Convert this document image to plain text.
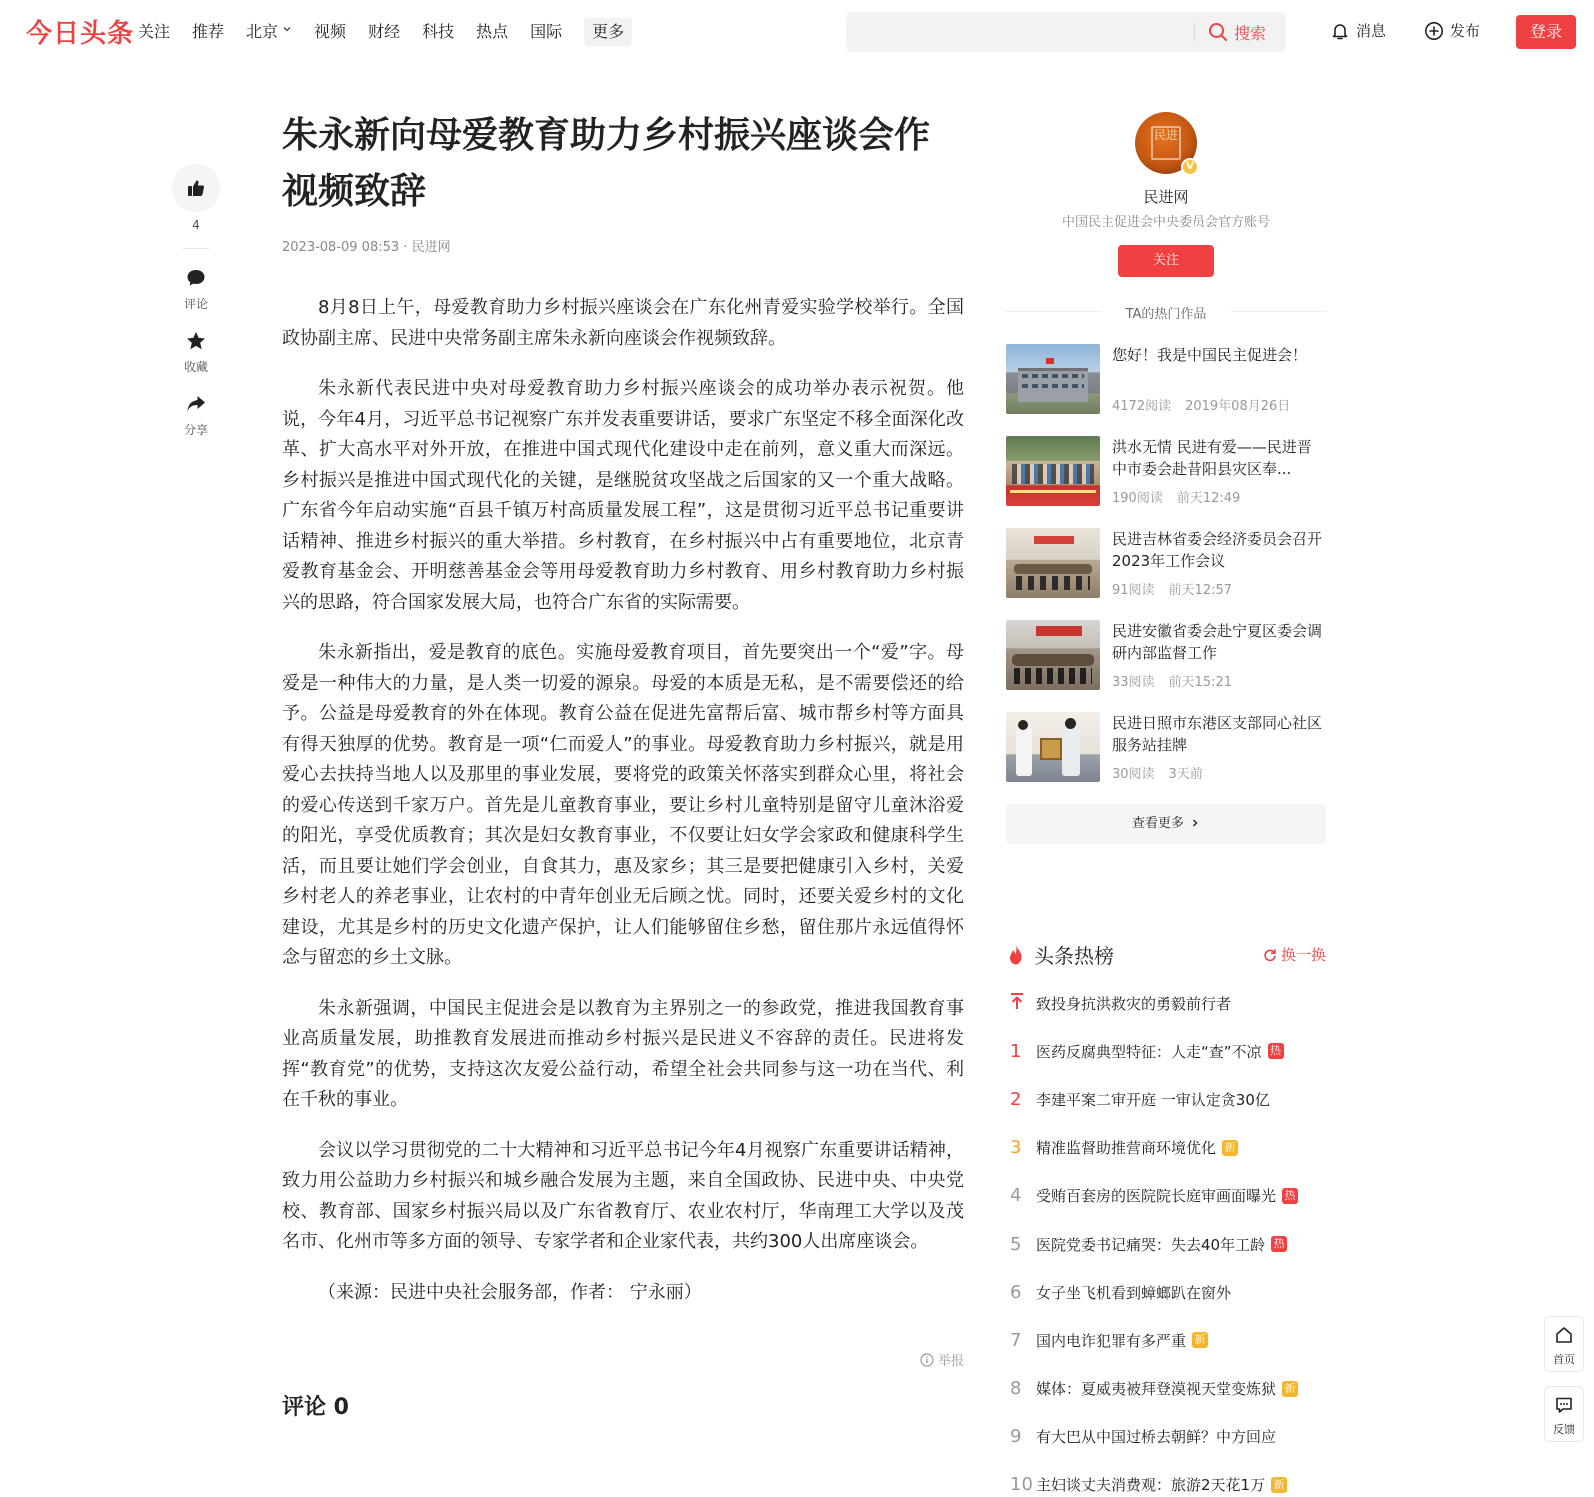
今日头条 关注 推荐 北京 视频 财经 科技 热点 国际 更多	搜索	消息	发布	登录
4
评论
收藏
分享
朱永新向母爱教育助力乡村振兴座谈会作视频致辞
2023-08-09 08:53 · 民进网

8月8日上午，母爱教育助力乡村振兴座谈会在广东化州青爱实验学校举行。全国政协副主席、民进中央常务副主席朱永新向座谈会作视频致辞。

朱永新代表民进中央对母爱教育助力乡村振兴座谈会的成功举办表示祝贺。他说，今年4月，习近平总书记视察广东并发表重要讲话，要求广东坚定不移全面深化改革、扩大高水平对外开放，在推进中国式现代化建设中走在前列，意义重大而深远。乡村振兴是推进中国式现代化的关键，是继脱贫攻坚战之后国家的又一个重大战略。广东省今年启动实施“百县千镇万村高质量发展工程”，这是贯彻习近平总书记重要讲话精神、推进乡村振兴的重大举措。乡村教育，在乡村振兴中占有重要地位，北京青爱教育基金会、开明慈善基金会等用母爱教育助力乡村教育、用乡村教育助力乡村振兴的思路，符合国家发展大局，也符合广东省的实际需要。

朱永新指出，爱是教育的底色。实施母爱教育项目，首先要突出一个“爱”字。母爱是一种伟大的力量，是人类一切爱的源泉。母爱的本质是无私，是不需要偿还的给予。公益是母爱教育的外在体现。教育公益在促进先富帮后富、城市帮乡村等方面具有得天独厚的优势。教育是一项“仁而爱人”的事业。母爱教育助力乡村振兴，就是用爱心去扶持当地人以及那里的事业发展，要将党的政策关怀落实到群众心里，将社会的爱心传送到千家万户。首先是儿童教育事业，要让乡村儿童特别是留守儿童沐浴爱的阳光，享受优质教育；其次是妇女教育事业，不仅要让妇女学会家政和健康科学生活，而且要让她们学会创业，自食其力，惠及家乡；其三是要把健康引入乡村，关爱乡村老人的养老事业，让农村的中青年创业无后顾之忧。同时，还要关爱乡村的文化建设，尤其是乡村的历史文化遗产保护，让人们能够留住乡愁，留住那片永远值得怀念与留恋的乡土文脉。

朱永新强调，中国民主促进会是以教育为主界别之一的参政党，推进我国教育事业高质量发展，助推教育发展进而推动乡村振兴是民进义不容辞的责任。民进将发挥“教育党”的优势，支持这次友爱公益行动，希望全社会共同参与这一功在当代、利在千秋的事业。

会议以学习贯彻党的二十大精神和习近平总书记今年4月视察广东重要讲话精神，致力用公益助力乡村振兴和城乡融合发展为主题，来自全国政协、民进中央、中央党校、教育部、国家乡村振兴局以及广东省教育厅、农业农村厅，华南理工大学以及茂名市、化州市等多方面的领导、专家学者和企业家代表，共约300人出席座谈会。

（来源：民进中央社会服务部，作者： 宁永丽）

举报
评论 0
民进
V
民进网
中国民主促进会中央委员会官方账号
关注
TA的热门作品
您好！我是中国民主促进会！
4172阅读 2019年08月26日
洪水无情 民进有爱——民进晋中市委会赴昔阳县灾区奉...
190阅读 前天12:49
民进吉林省委会经济委员会召开2023年工作会议
91阅读 前天12:57
民进安徽省委会赴宁夏区委会调研内部监督工作
33阅读 前天15:21
民进日照市东港区支部同心社区服务站挂牌
30阅读 3天前
查看更多
头条热榜	换一换
致投身抗洪救灾的勇毅前行者
1 医药反腐典型特征：人走“查”不凉 热
2 李建平案二审开庭 一审认定贪30亿
3 精准监督助推营商环境优化 新
4 受贿百套房的医院院长庭审画面曝光 热
5 医院党委书记痛哭：失去40年工龄 热
6 女子坐飞机看到蟑螂趴在窗外
7 国内电诈犯罪有多严重 新
8 媒体：夏威夷被拜登漠视天堂变炼狱 新
9 有大巴从中国过桥去朝鲜？中方回应
10 主妇谈丈夫消费观：旅游2天花1万 新
首页
反馈
